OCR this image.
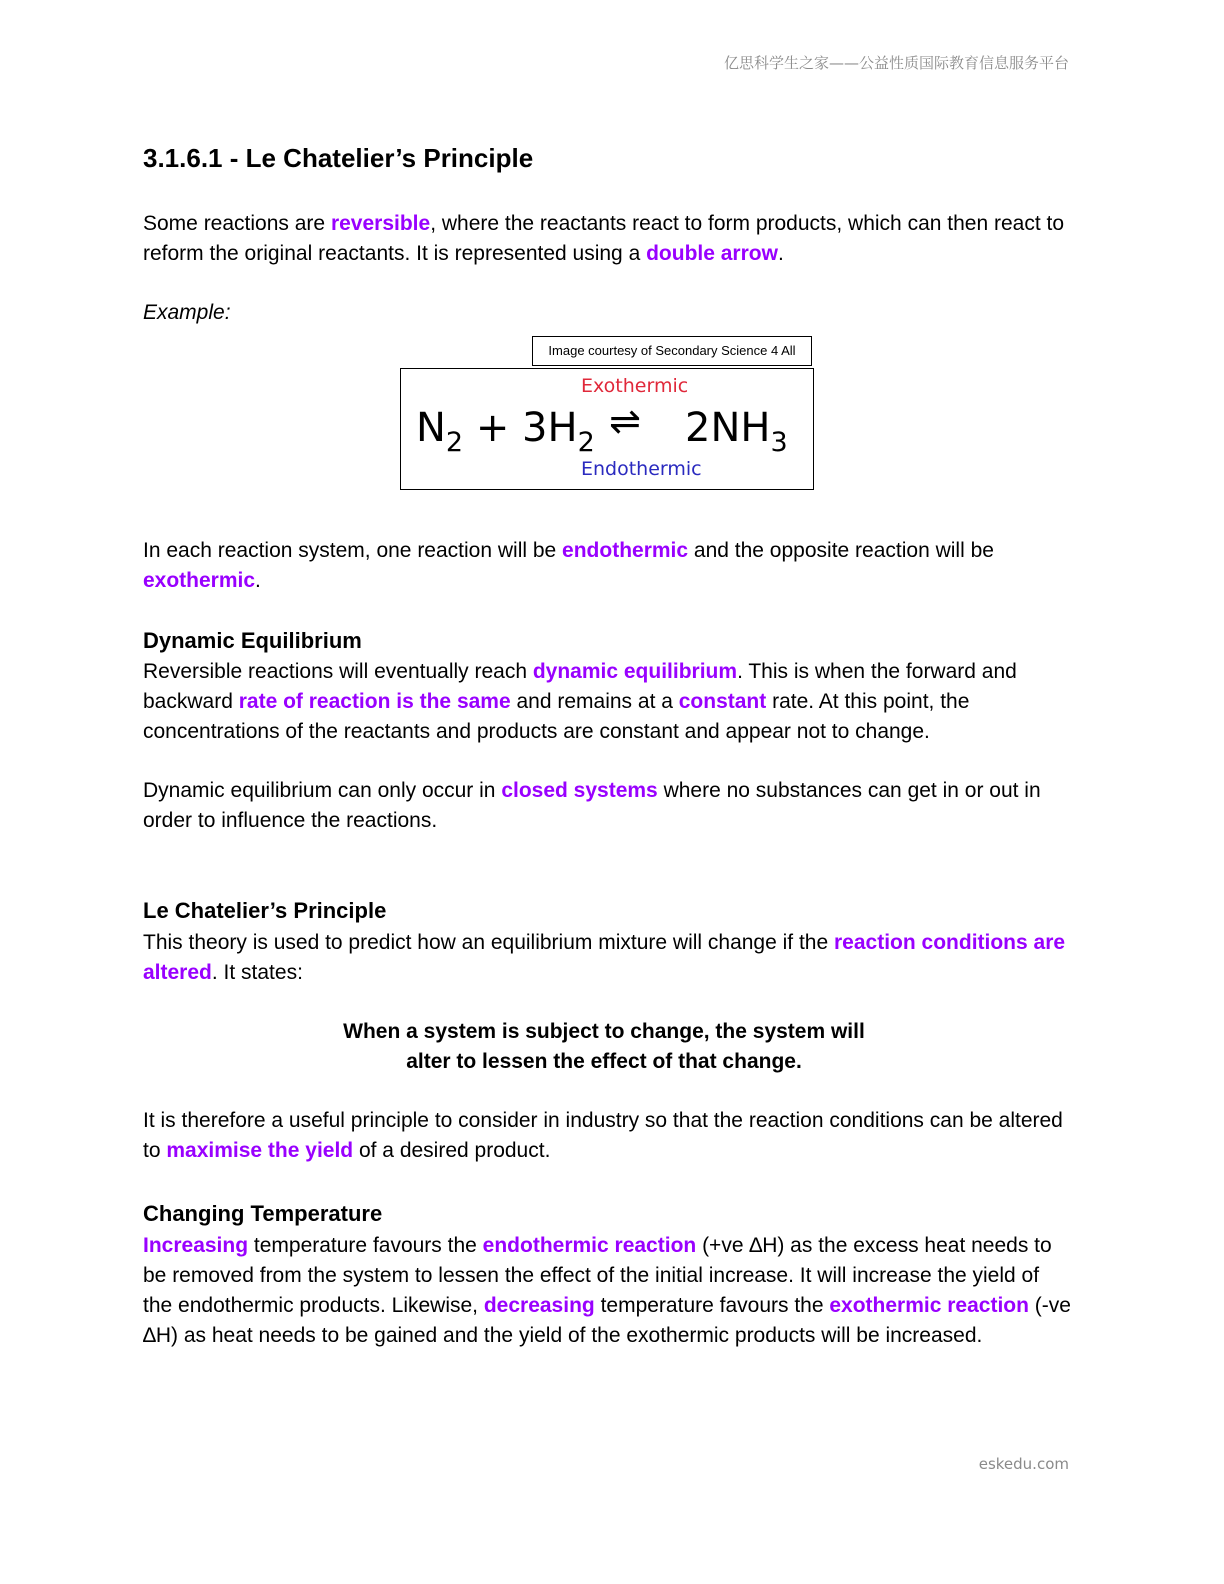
亿思科学生之家——公益性质国际教育信息服务平台
3.1.6.1 - Le Chatelier’s Principle

Some reactions are reversible, where the reactants react to form products, which can then react to reform the original reactants. It is represented using a double arrow.

Example:

Image courtesy of Secondary Science 4 All
Exothermic
$N_2 + 3H_2$ ⇌ $2NH_3$
Endothermic

In each reaction system, one reaction will be endothermic and the opposite reaction will be exothermic.

Dynamic Equilibrium

Reversible reactions will eventually reach dynamic equilibrium. This is when the forward and backward rate of reaction is the same and remains at a constant rate. At this point, the concentrations of the reactants and products are constant and appear not to change.

Dynamic equilibrium can only occur in closed systems where no substances can get in or out in order to influence the reactions.

Le Chatelier’s Principle

This theory is used to predict how an equilibrium mixture will change if the reaction conditions are altered. It states:

When a system is subject to change, the system will
alter to lessen the effect of that change.

It is therefore a useful principle to consider in industry so that the reaction conditions can be altered to maximise the yield of a desired product.

Changing Temperature

Increasing temperature favours the endothermic reaction (+ve ∆H) as the excess heat needs to be removed from the system to lessen the effect of the initial increase. It will increase the yield of the endothermic products. Likewise, decreasing temperature favours the exothermic reaction (-ve ∆H) as heat needs to be gained and the yield of the exothermic products will be increased.

eskedu.com
